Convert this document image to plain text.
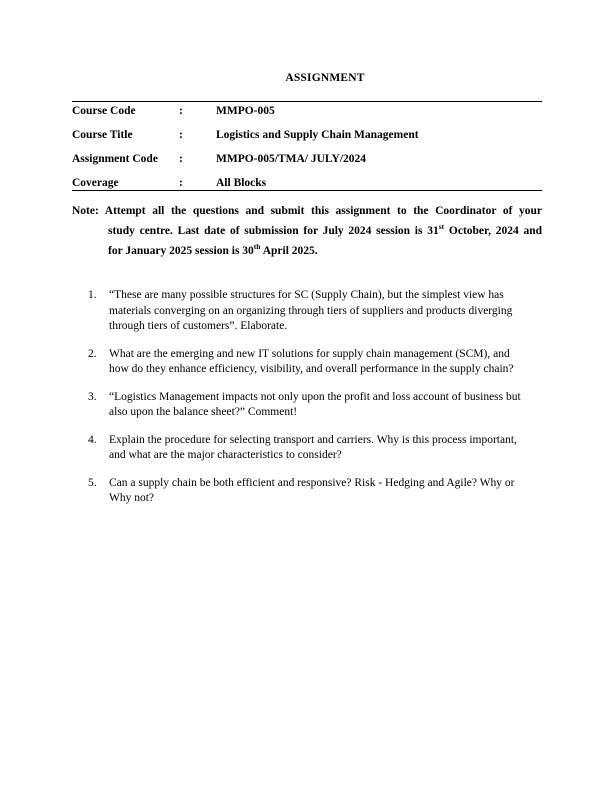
ASSIGNMENT
Course Code	:	MMPO-005
Course Title	:	Logistics and Supply Chain Management
Assignment Code :	MMPO-005/TMA/ JULY/2024
Coverage	:	All Blocks
Note: Attempt all the questions and submit this assignment to the Coordinator of your
study centre. Last date of submission for July 2024 session is 31st October, 2024 and
for January 2025 session is 30th April 2025.
1. “These are many possible structures for SC (Supply Chain), but the simplest view has
materials converging on an organizing through tiers of suppliers and products diverging
through tiers of customers”. Elaborate.
2. What are the emerging and new IT solutions for supply chain management (SCM), and
how do they enhance efficiency, visibility, and overall performance in the supply chain?
3. “Logistics Management impacts not only upon the profit and loss account of business but
also upon the balance sheet?” Comment!
4. Explain the procedure for selecting transport and carriers. Why is this process important,
and what are the major characteristics to consider?
5. Can a supply chain be both efficient and responsive? Risk - Hedging and Agile? Why or
Why not?
